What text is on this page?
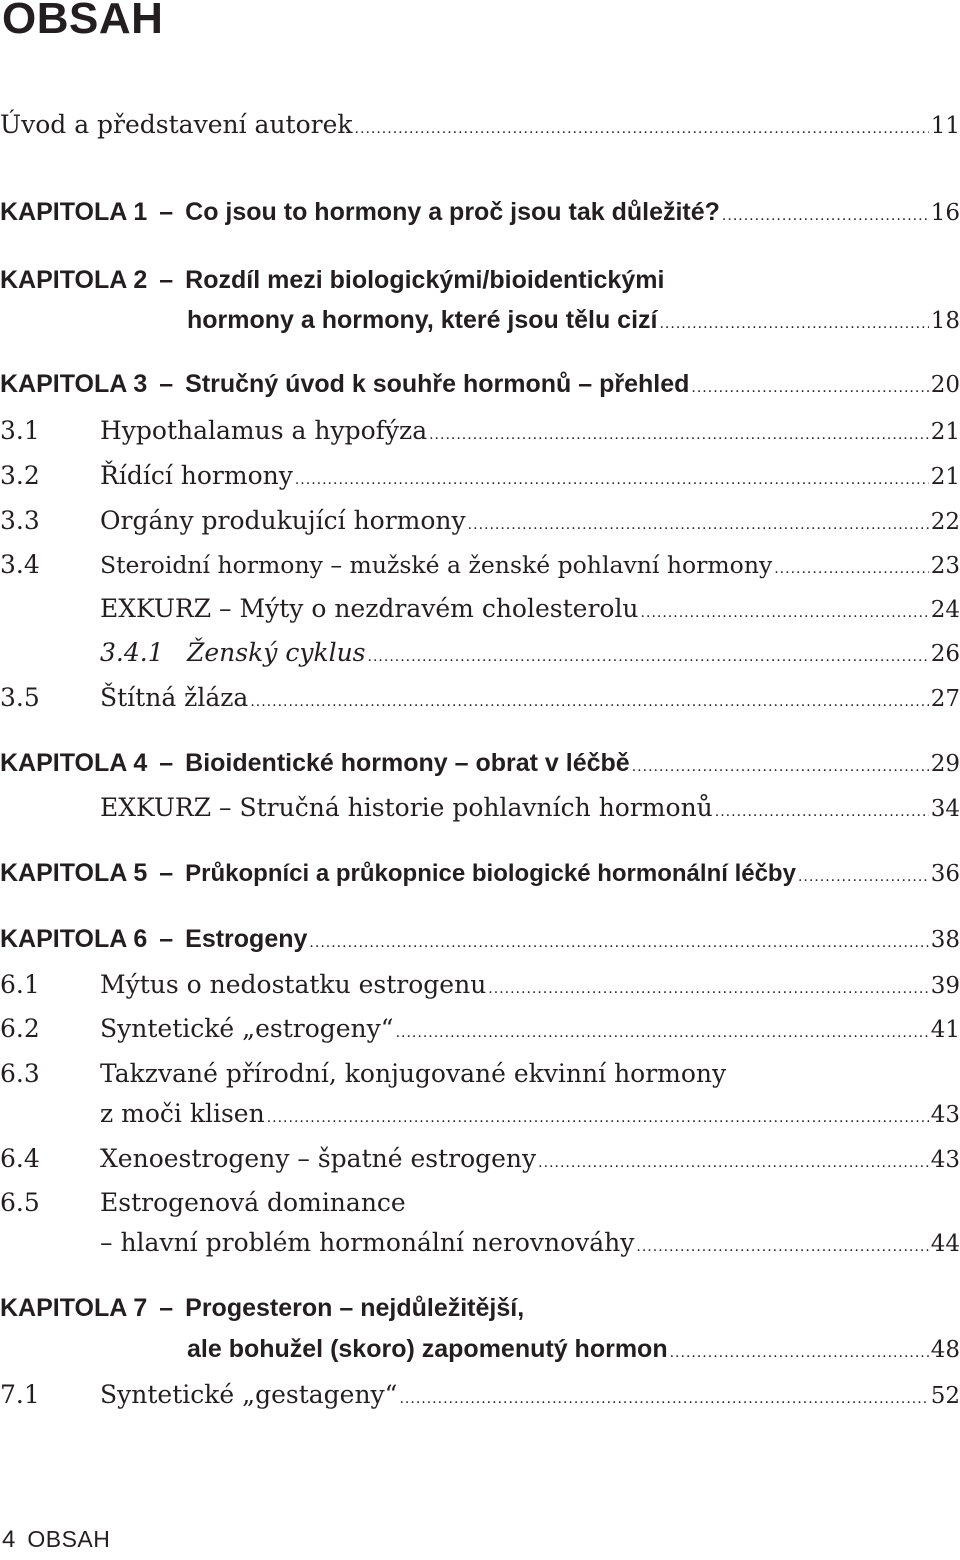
OBSAH
Úvod a představení autorek .....	11
KAPITOLA 1 – Co jsou to hormony a proč jsou tak důležité? .....	16
KAPITOLA 2 – Rozdíl mezi biologickými/bioidentickými
hormony a hormony, které jsou tělu cizí .....	18
KAPITOLA 3 – Stručný úvod k souhře hormonů – přehled .....	20
3.1	Hypothalamus a hypofýza .....	21
3.2	Řídící hormony .....	21
3.3	Orgány produkující hormony .....	22
3.4	Steroidní hormony – mužské a ženské pohlavní hormony .....	23
EXKURZ – Mýty o nezdravém cholesterolu .....	24
3.4.1 Ženský cyklus .....	26
3.5	Štítná žláza .....	27
KAPITOLA 4 – Bioidentické hormony – obrat v léčbě .....	29
EXKURZ – Stručná historie pohlavních hormonů .....	34
KAPITOLA 5 – Průkopníci a průkopnice biologické hormonální léčby .....	36
KAPITOLA 6 – Estrogeny .....	38
6.1	Mýtus o nedostatku estrogenu .....	39
6.2	Syntetické „estrogeny“ .....	41
6.3	Takzvané přírodní, konjugované ekvinní hormony
z moči klisen .....	43
6.4	Xenoestrogeny – špatné estrogeny .....	43
6.5	Estrogenová dominance
– hlavní problém hormonální nerovnováhy .....	44
KAPITOLA 7 – Progesteron – nejdůležitější,
ale bohužel (skoro) zapomenutý hormon .....	48
7.1	Syntetické „gestageny“ .....	52
4 OBSAH
